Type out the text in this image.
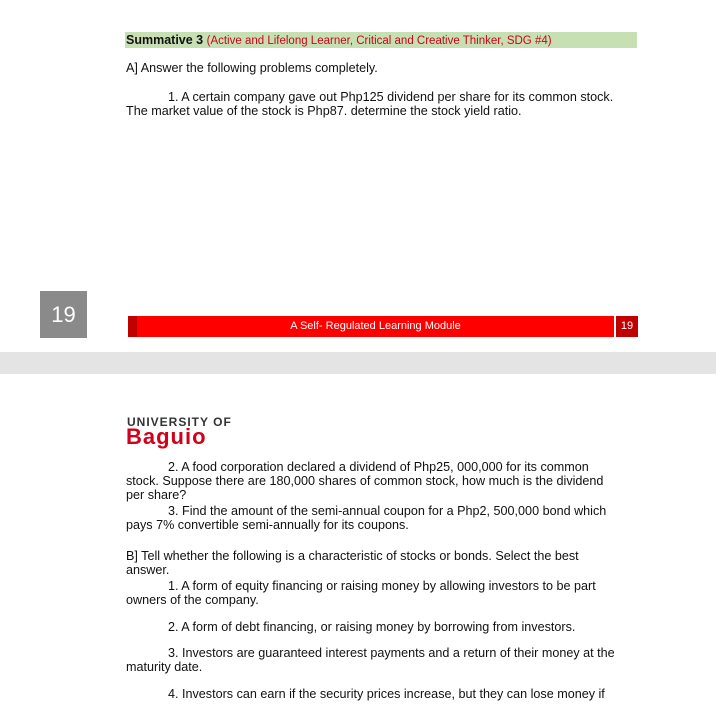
Summative 3 (Active and Lifelong Learner, Critical and Creative Thinker, SDG #4)
A] Answer the following problems completely.
1. A certain company gave out Php125 dividend per share for its common stock.
The market value of the stock is Php87. determine the stock yield ratio.
19	A Self- Regulated Learning Module	19
UNIVERSITY OF
Baguio
2. A food corporation declared a dividend of Php25, 000,000 for its common
stock. Suppose there are 180,000 shares of common stock, how much is the dividend
per share?
3. Find the amount of the semi-annual coupon for a Php2, 500,000 bond which
pays 7% convertible semi-annually for its coupons.
B] Tell whether the following is a characteristic of stocks or bonds. Select the best
answer.
1. A form of equity financing or raising money by allowing investors to be part
owners of the company.
2. A form of debt financing, or raising money by borrowing from investors.
3. Investors are guaranteed interest payments and a return of their money at the
maturity date.
4. Investors can earn if the security prices increase, but they can lose money if
